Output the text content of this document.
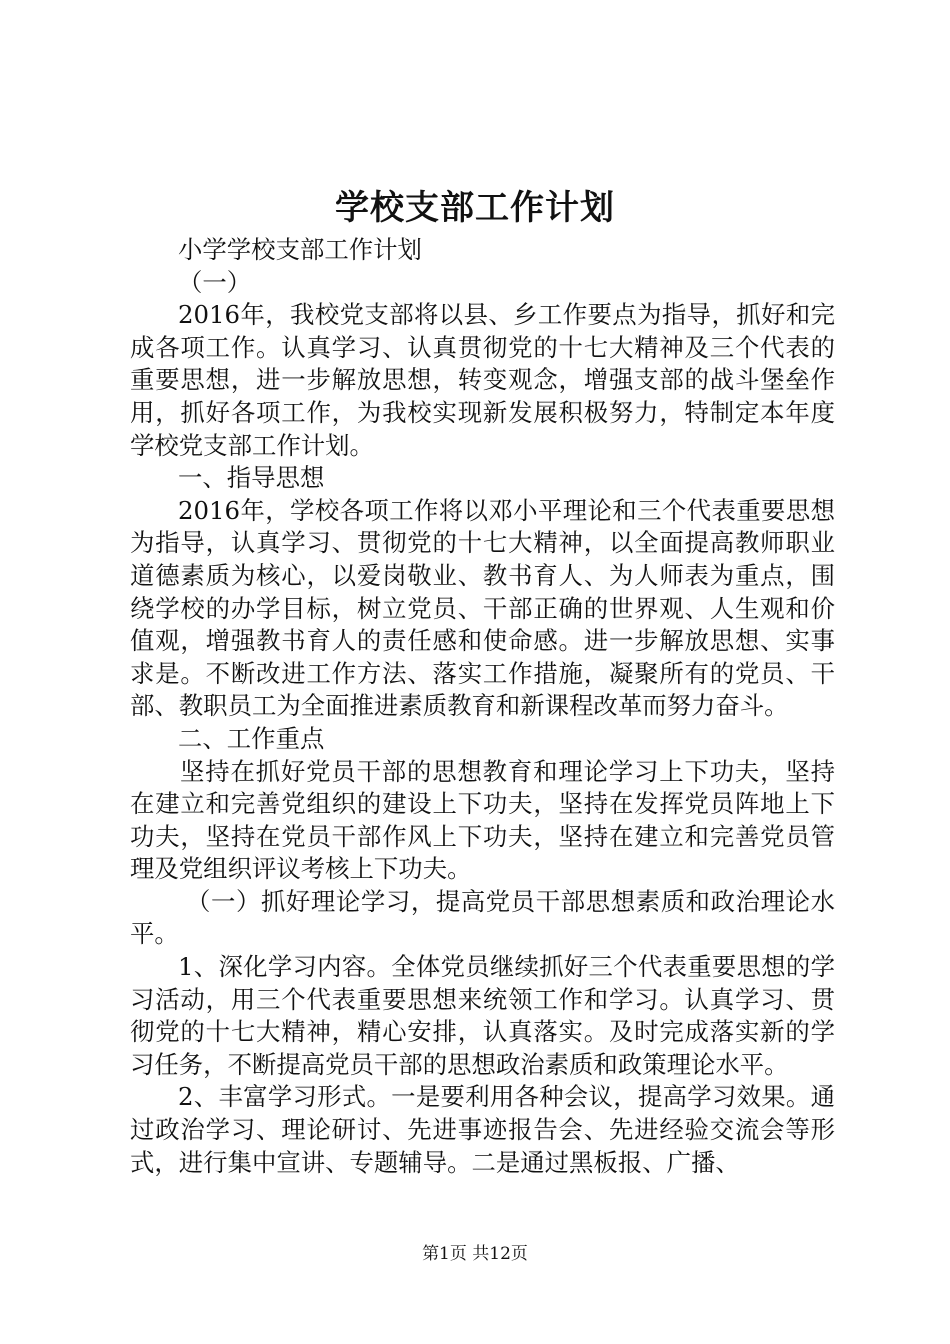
学校支部工作计划

小学学校支部工作计划

（一）

2016年，我校党支部将以县、乡工作要点为指导，抓好和完成各项工作。认真学习、认真贯彻党的十七大精神及三个代表的重要思想，进一步解放思想，转变观念，增强支部的战斗堡垒作用，抓好各项工作，为我校实现新发展积极努力，特制定本年度学校党支部工作计划。

一、指导思想

2016年，学校各项工作将以邓小平理论和三个代表重要思想为指导，认真学习、贯彻党的十七大精神，以全面提高教师职业道德素质为核心，以爱岗敬业、教书育人、为人师表为重点，围绕学校的办学目标，树立党员、干部正确的世界观、人生观和价值观，增强教书育人的责任感和使命感。进一步解放思想、实事求是。不断改进工作方法、落实工作措施，凝聚所有的党员、干部、教职员工为全面推进素质教育和新课程改革而努力奋斗。

二、工作重点

坚持在抓好党员干部的思想教育和理论学习上下功夫，坚持在建立和完善党组织的建设上下功夫，坚持在发挥党员阵地上下功夫，坚持在党员干部作风上下功夫，坚持在建立和完善党员管理及党组织评议考核上下功夫。

（一）抓好理论学习，提高党员干部思想素质和政治理论水平。

1、深化学习内容。全体党员继续抓好三个代表重要思想的学习活动，用三个代表重要思想来统领工作和学习。认真学习、贯彻党的十七大精神，精心安排，认真落实。及时完成落实新的学习任务，不断提高党员干部的思想政治素质和政策理论水平。

2、丰富学习形式。一是要利用各种会议，提高学习效果。通过政治学习、理论研讨、先进事迹报告会、先进经验交流会等形式，进行集中宣讲、专题辅导。二是通过黑板报、广播、

第1页 共12页
